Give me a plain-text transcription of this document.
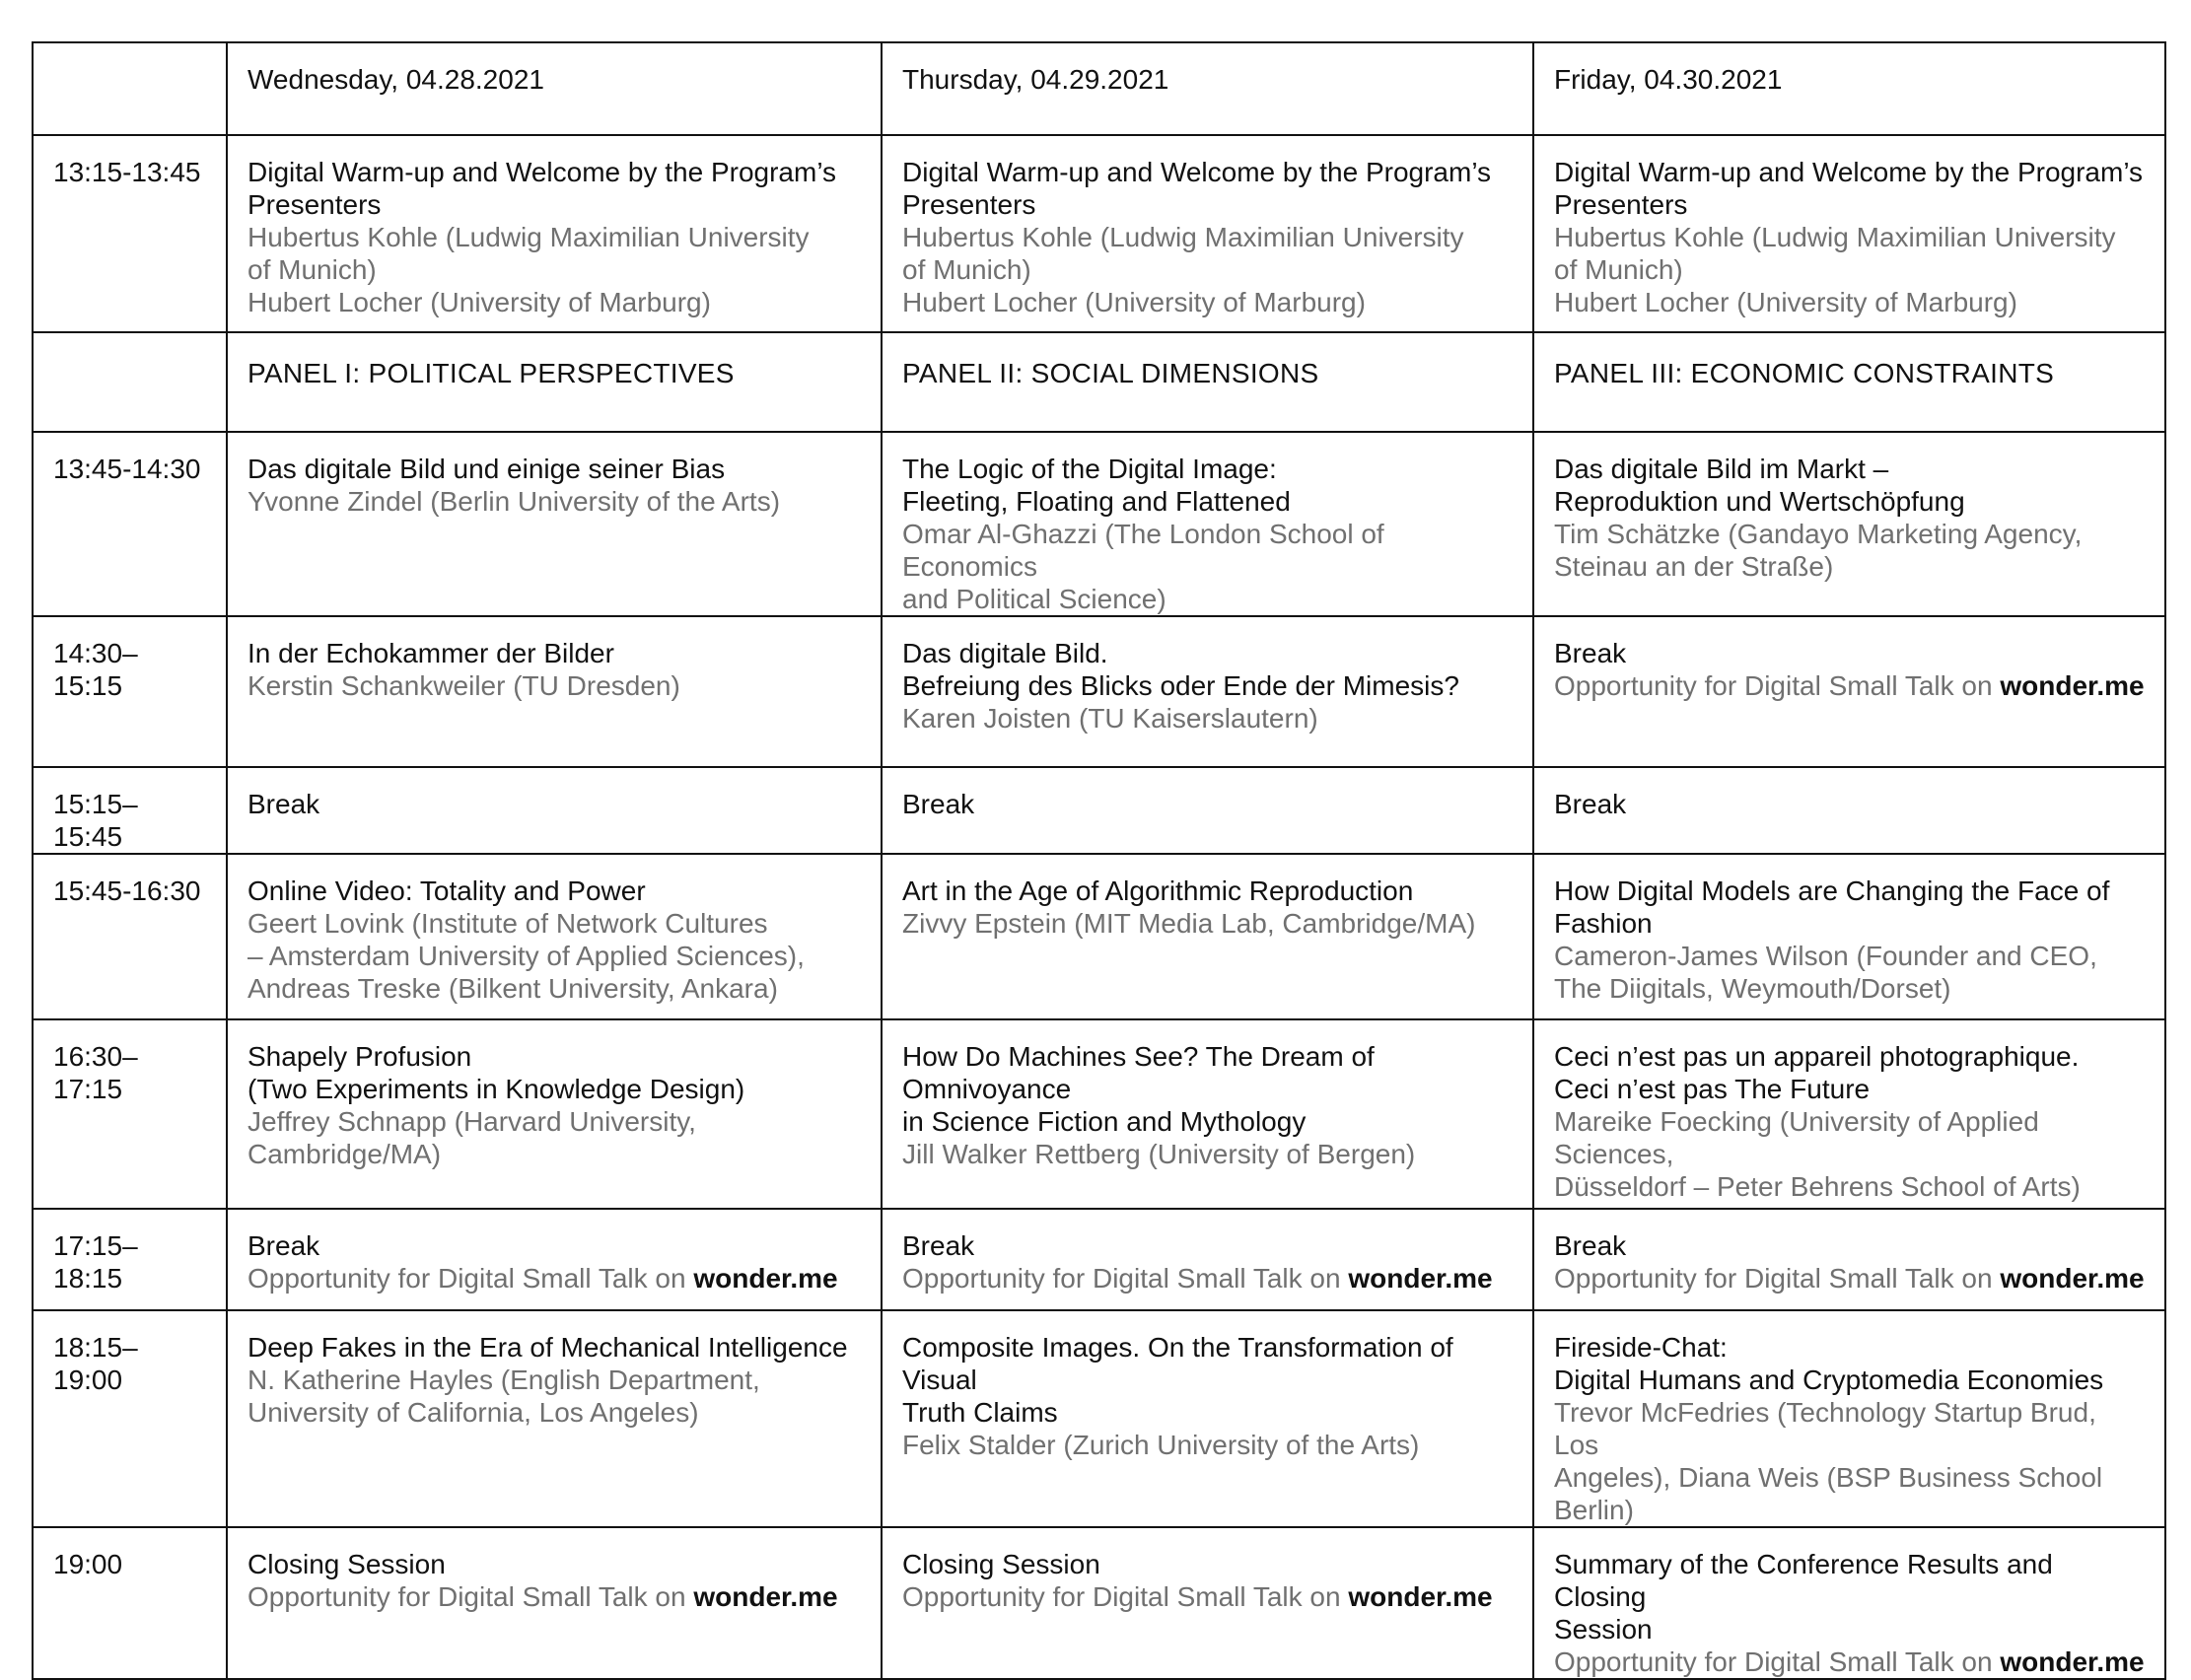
	Wednesday, 04.28.2021	Thursday, 04.29.2021	Friday, 04.30.2021
13:15-13:45	Digital Warm-up and Welcome by the Program’s
Presenters
Hubertus Kohle (Ludwig Maximilian University
of Munich)
Hubert Locher (University of Marburg)	Digital Warm-up and Welcome by the Program’s
Presenters
Hubertus Kohle (Ludwig Maximilian University
of Munich)
Hubert Locher (University of Marburg)	Digital Warm-up and Welcome by the Program’s
Presenters
Hubertus Kohle (Ludwig Maximilian University
of Munich)
Hubert Locher (University of Marburg)

	PANEL I: POLITICAL PERSPECTIVES	PANEL II: SOCIAL DIMENSIONS	PANEL III: ECONOMIC CONSTRAINTS
13:45-14:30	Das digitale Bild und einige seiner Bias
Yvonne Zindel (Berlin University of the Arts)	The Logic of the Digital Image:
Fleeting, Floating and Flattened
Omar Al-Ghazzi (The London School of Economics
and Political Science)	Das digitale Bild im Markt –
Reproduktion und Wertschöpfung
Tim Schätzke (Gandayo Marketing Agency,
Steinau an der Straße)

14:30–15:15	In der Echokammer der Bilder
Kerstin Schankweiler (TU Dresden)	Das digitale Bild.
Befreiung des Blicks oder Ende der Mimesis?
Karen Joisten (TU Kaiserslautern)	Break
Opportunity for Digital Small Talk on wonder.me

15:15–15:45	Break	Break	Break

15:45-16:30	Online Video: Totality and Power
Geert Lovink (Institute of Network Cultures
– Amsterdam University of Applied Sciences),
Andreas Treske (Bilkent University, Ankara)	Art in the Age of Algorithmic Reproduction
Zivvy Epstein (MIT Media Lab, Cambridge/MA)	How Digital Models are Changing the Face of
Fashion
Cameron-James Wilson (Founder and CEO,
The Diigitals, Weymouth/Dorset)

16:30–17:15	Shapely Profusion
(Two Experiments in Knowledge Design)
Jeffrey Schnapp (Harvard University, Cambridge/MA)	How Do Machines See? The Dream of Omnivoyance
in Science Fiction and Mythology
Jill Walker Rettberg (University of Bergen)	Ceci n’est pas un appareil photographique.
Ceci n’est pas The Future
Mareike Foecking (University of Applied Sciences,
Düsseldorf – Peter Behrens School of Arts)

17:15–18:15	Break
Opportunity for Digital Small Talk on wonder.me	Break
Opportunity for Digital Small Talk on wonder.me	Break
Opportunity for Digital Small Talk on wonder.me

18:15–19:00	Deep Fakes in the Era of Mechanical Intelligence
N. Katherine Hayles (English Department,
University of California, Los Angeles)	Composite Images. On the Transformation of Visual
Truth Claims
Felix Stalder (Zurich University of the Arts)	Fireside-Chat:
Digital Humans and Cryptomedia Economies
Trevor McFedries (Technology Startup Brud, Los
Angeles), Diana Weis (BSP Business School Berlin)

19:00	Closing Session
Opportunity for Digital Small Talk on wonder.me	Closing Session
Opportunity for Digital Small Talk on wonder.me	Summary of the Conference Results and Closing
Session
Opportunity for Digital Small Talk on wonder.me
